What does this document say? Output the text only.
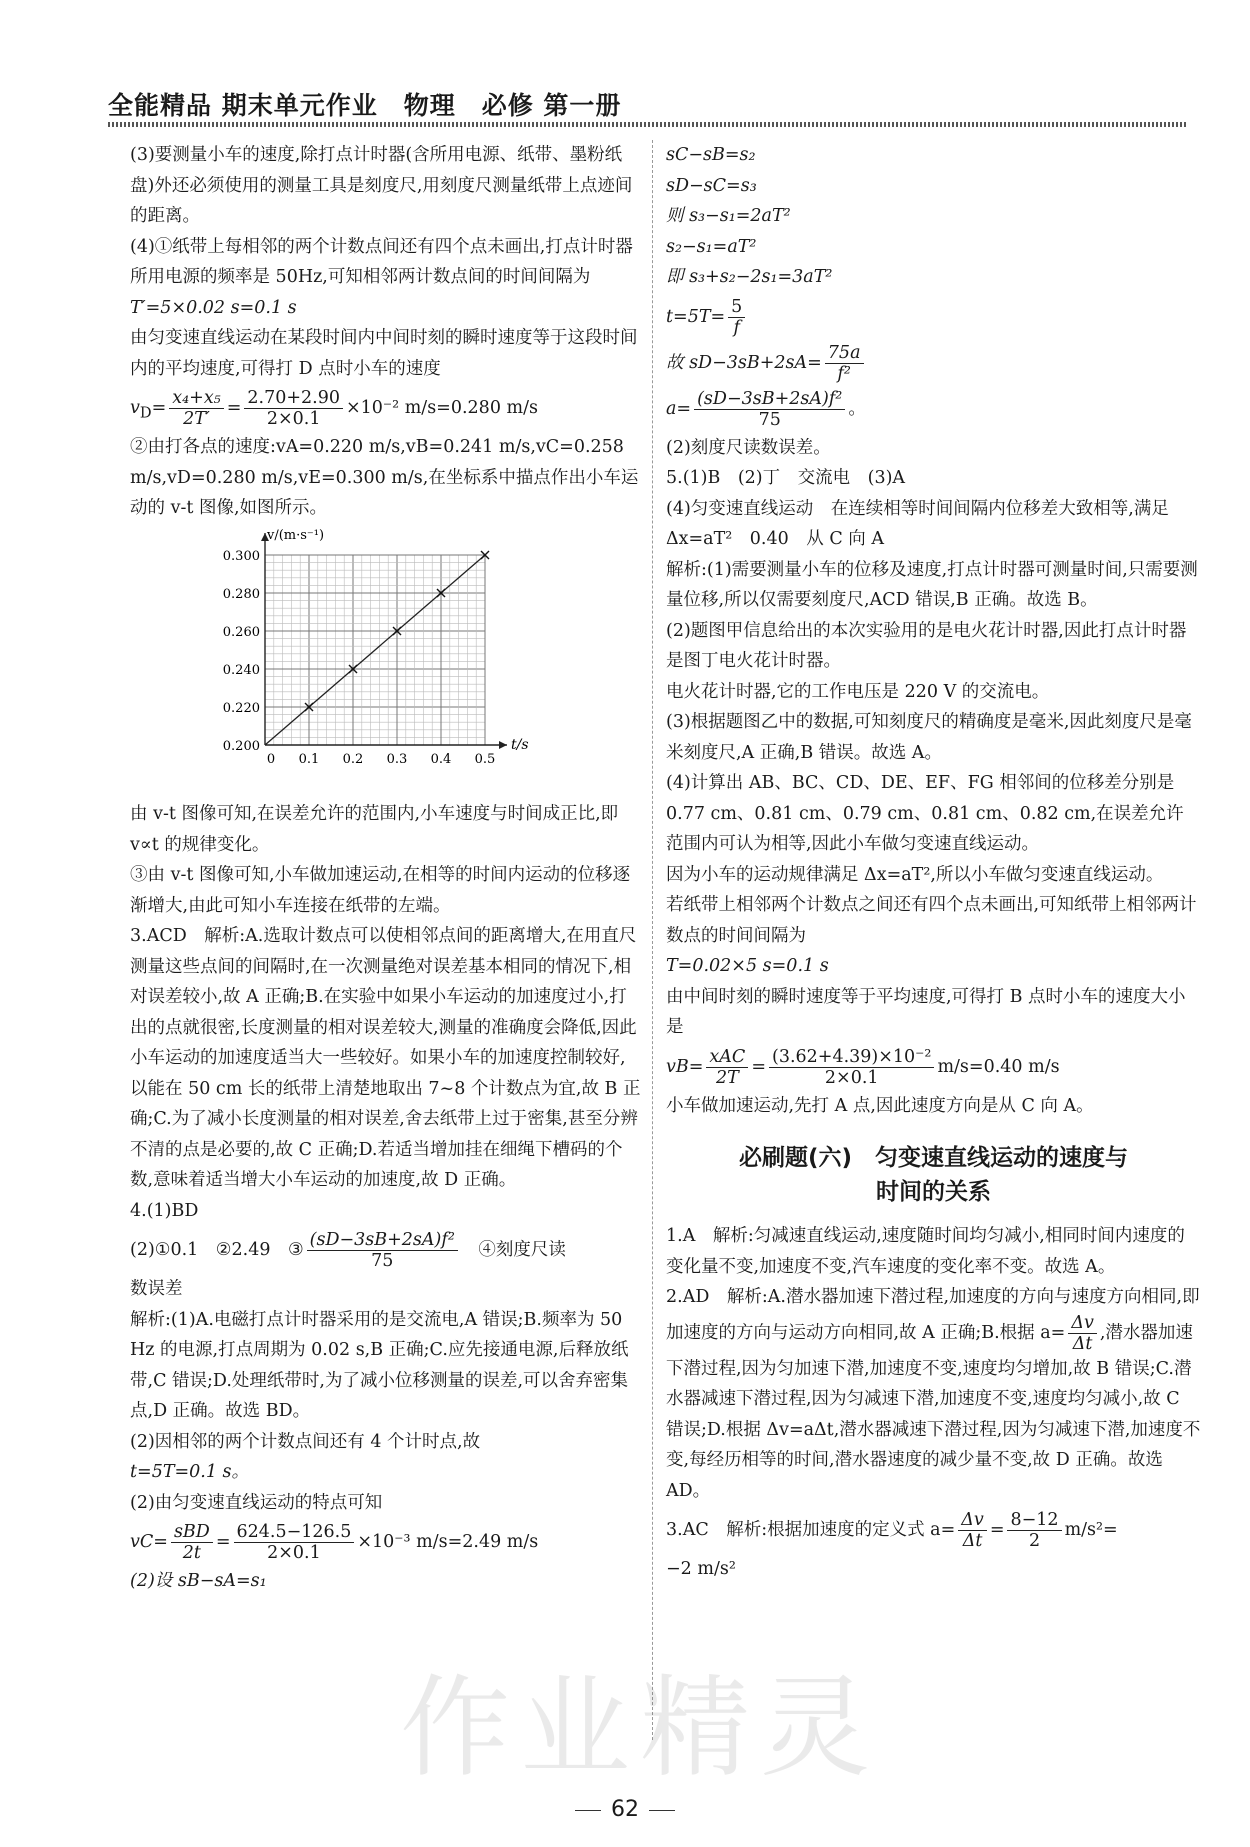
全能精品 期末单元作业　物理　必修 第一册

(3)要测量小车的速度,除打点计时器(含所用电源、纸带、墨粉纸盘)外还必须使用的测量工具是刻度尺,用刻度尺测量纸带上点迹间的距离。

(4)①纸带上每相邻的两个计数点间还有四个点未画出,打点计时器所用电源的频率是 50Hz,可知相邻两计数点间的时间间隔为

T′=5×0.02 s=0.1 s

由匀变速直线运动在某段时间内中间时刻的瞬时速度等于这段时间内的平均速度,可得打 D 点时小车的速度

$v_D= \frac{\text{x₄+x₅}}{2T'} = \frac{2.70+2.90}{2\times 0.1} \times 10^{-2}$ m/s=0.280 m/s

②由打各点的速度:vA=0.220 m/s,vB=0.241 m/s,vC=0.258 m/s,vD=0.280 m/s,vE=0.300 m/s,在坐标系中描点作出小车运动的 v-t 图像,如图所示。

t/s
v/(m·s⁻¹)
0 0.1 0.2 0.3 0.4 0.5
0.200
0.220
0.240
0.260
0.280
0.300

由 v-t 图像可知,在误差允许的范围内,小车速度与时间成正比,即 v∝t 的规律变化。

③由 v-t 图像可知,小车做加速运动,在相等的时间内运动的位移逐渐增大,由此可知小车连接在纸带的左端。

3.ACD　解析:A.选取计数点可以使相邻点间的距离增大,在用直尺测量这些点间的间隔时,在一次测量绝对误差基本相同的情况下,相对误差较小,故 A 正确;B.在实验中如果小车运动的加速度过小,打出的点就很密,长度测量的相对误差较大,测量的准确度会降低,因此小车运动的加速度适当大一些较好。如果小车的加速度控制较好,以能在 50 cm 长的纸带上清楚地取出 7~8 个计数点为宜,故 B 正确;C.为了减小长度测量的相对误差,舍去纸带上过于密集,甚至分辨不清的点是必要的,故 C 正确;D.若适当增加挂在细绳下槽码的个数,意味着适当增大小车运动的加速度,故 D 正确。

4.(1)BD

(2)①0.1　②2.49　③ $\frac{\text{(sD−3sB+2sA)f²}}{75}$ 　④刻度尺读

数误差

解析:(1)A.电磁打点计时器采用的是交流电,A 错误;B.频率为 50 Hz 的电源,打点周期为 0.02 s,B 正确;C.应先接通电源,后释放纸带,C 错误;D.处理纸带时,为了减小位移测量的误差,可以舍弃密集点,D 正确。故选 BD。

(2)因相邻的两个计数点间还有 4 个计时点,故

t=5T=0.1 s。

(2)由匀变速直线运动的特点可知

$vC= \frac{\text{sBD}}{2t} = \frac{624.5-126.5}{2\times 0.1} \times 10^{-3}$ m/s=2.49 m/s

(2)设 sB−sA=s₁

sC−sB=s₂

sD−sC=s₃

则 s₃−s₁=2aT²

s₂−s₁=aT²

即 s₃+s₂−2s₁=3aT²

$t=5T= \frac{5}{f}$
故 $sD-3sB+2sA= \frac{75a}{\text{f²}}$
$a= \frac{\text{(sD−3sB+2sA)f²}}{75}$ 。

(2)刻度尺读数误差。

5.(1)B　(2)丁　交流电　(3)A

(4)匀变速直线运动　在连续相等时间间隔内位移差大致相等,满足 Δx=aT²　0.40　从 C 向 A

解析:(1)需要测量小车的位移及速度,打点计时器可测量时间,只需要测量位移,所以仅需要刻度尺,ACD 错误,B 正确。故选 B。

(2)题图甲信息给出的本次实验用的是电火花计时器,因此打点计时器是图丁电火花计时器。

电火花计时器,它的工作电压是 220 V 的交流电。

(3)根据题图乙中的数据,可知刻度尺的精确度是毫米,因此刻度尺是毫米刻度尺,A 正确,B 错误。故选 A。

(4)计算出 AB、BC、CD、DE、EF、FG 相邻间的位移差分别是 0.77 cm、0.81 cm、0.79 cm、0.81 cm、0.82 cm,在误差允许范围内可认为相等,因此小车做匀变速直线运动。

因为小车的运动规律满足 Δx=aT²,所以小车做匀变速直线运动。

若纸带上相邻两个计数点之间还有四个点未画出,可知纸带上相邻两计数点的时间间隔为

T=0.02×5 s=0.1 s

由中间时刻的瞬时速度等于平均速度,可得打 B 点时小车的速度大小是

$vB= \frac{\text{xAC}}{2T} = \frac{\text{(3.62+4.39)×10⁻²}}{2\times 0.1} m/s=0.40$ m/s

小车做加速运动,先打 A 点,因此速度方向是从 C 向 A。

必刷题(六)　匀变速直线运动的速度与
时间的关系

1.A　解析:匀减速直线运动,速度随时间均匀减小,相同时间内速度的变化量不变,加速度不变,汽车速度的变化率不变。故选 A。

2.AD　解析:A.潜水器加速下潜过程,加速度的方向与速度方向相同,即加速度的方向与运动方向相同,故 A 正确;B.根据 $a= \frac{\Delta v}{\Delta t}$ ,潜水器加速下潜过程,因为匀加速下潜,加速度不变,速度均匀增加,故 B 错误;C.潜水器减速下潜过程,因为匀减速下潜,加速度不变,速度均匀减小,故 C 错误;D.根据 Δv=aΔt,潜水器减速下潜过程,因为匀减速下潜,加速度不变,每经历相等的时间,潜水器速度的减少量不变,故 D 正确。故选 AD。

3.AC　解析:根据加速度的定义式 $a= \frac{\Delta v}{\Delta t} = \frac{8-12}{2} m/s^2=$

−2 m/s²

作业精灵
62
